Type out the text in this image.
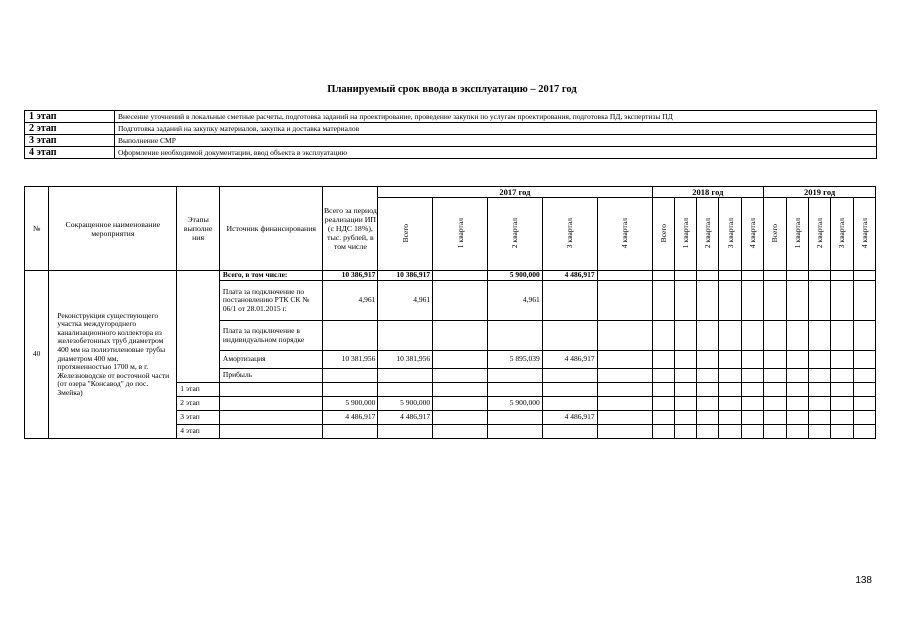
Планируемый срок ввода в эксплуатацию – 2017 год
1 этап	Внесение уточнений в локальные сметные расчеты, подготовка заданий на проектирование, проведение закупки по услугам проектирования, подготовка ПД, экспертизы ПД
2 этап	Подготовка заданий на закупку материалов, закупка и доставка материалов
3 этап	Выполнение СМР
4 этап	Оформление необходимой документации, ввод объекта в эксплуатацию
№	Сокращенное наименование мероприятия	Этапы выполне ния	Источник финансирования	Всего за период реализации ИП (с НДС 18%), тыс. рублей, в том числе	2017 год					2018 год					2019 год				
					Всего	1 квартал	2 квартал	3 квартал	4 квартал	Всего	1 квартал	2 квартал	3 квартал	4 квартал	Всего	1 квартал	2 квартал	3 квартал	4 квартал
40	Реконструкция существующего участка междугороднего канализационного коллектора из железобетонных труб диаметром 400 мм на полиэтиленовые трубы диаметром 400 мм, протяженностью 1700 м, в г. Железноводске от восточной части (от озера "Консавод" до пос. Змейка)		Всего, в том числе:	10 386,917	10 386,917		5 900,000	4 486,917											
			Плата за подключение по постановлению РТК СК № 06/1 от 28.01.2015 г.	4,961	4,961		4,961												
			Плата за подключение в индивидуальном порядке																
			Амортизация	10 381,956	10 381,956		5 895,039	4 486,917											
			Прибыль																
		1 этап																	
		2 этап		5 900,000	5 900,000		5 900,000												
		3 этап		4 486,917	4 486,917			4 486,917											
		4 этап																	
138
